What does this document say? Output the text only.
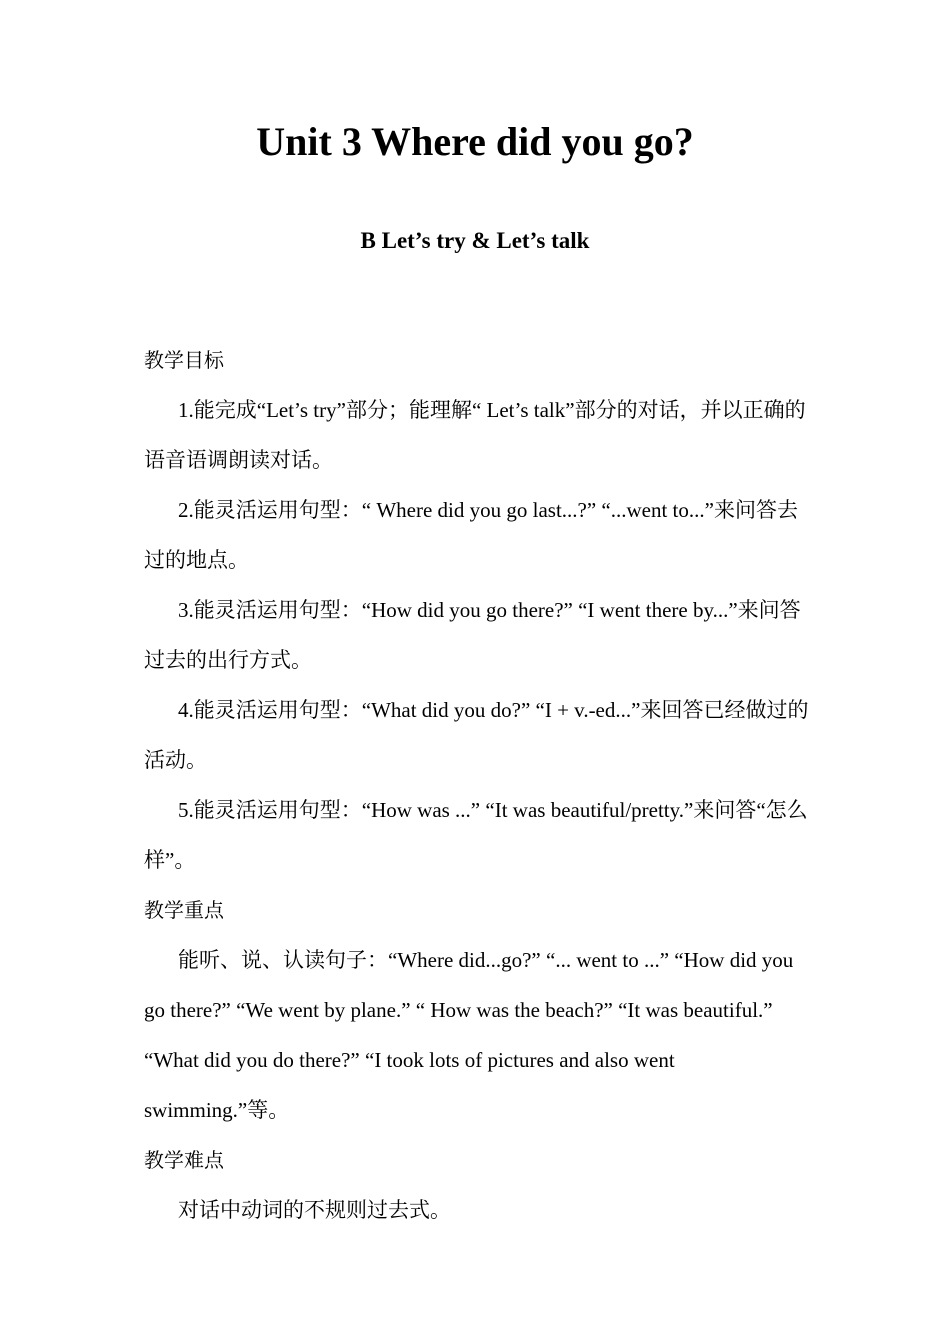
Unit 3 Where did you go?
B Let’s try & Let’s talk

教学目标

1.能完成“Let’s try”部分；能理解“ Let’s talk”部分的对话，并以正确的语音语调朗读对话。

2.能灵活运用句型：“ Where did you go last...?” “...went to...”来问答去过的地点。

3.能灵活运用句型：“How did you go there?” “I went there by...”来问答过去的出行方式。

4.能灵活运用句型：“What did you do?” “I + v.-ed...”来回答已经做过的活动。

5.能灵活运用句型：“How was ...” “It was beautiful/pretty.”来问答“怎么样”。

教学重点

能听、说、认读句子：“Where did...go?” “... went to ...” “How did you go there?” “We went by plane.” “ How was the beach?” “It was beautiful.” “What did you do there?” “I took lots of pictures and also went swimming.”等。

教学难点

对话中动词的不规则过去式。
